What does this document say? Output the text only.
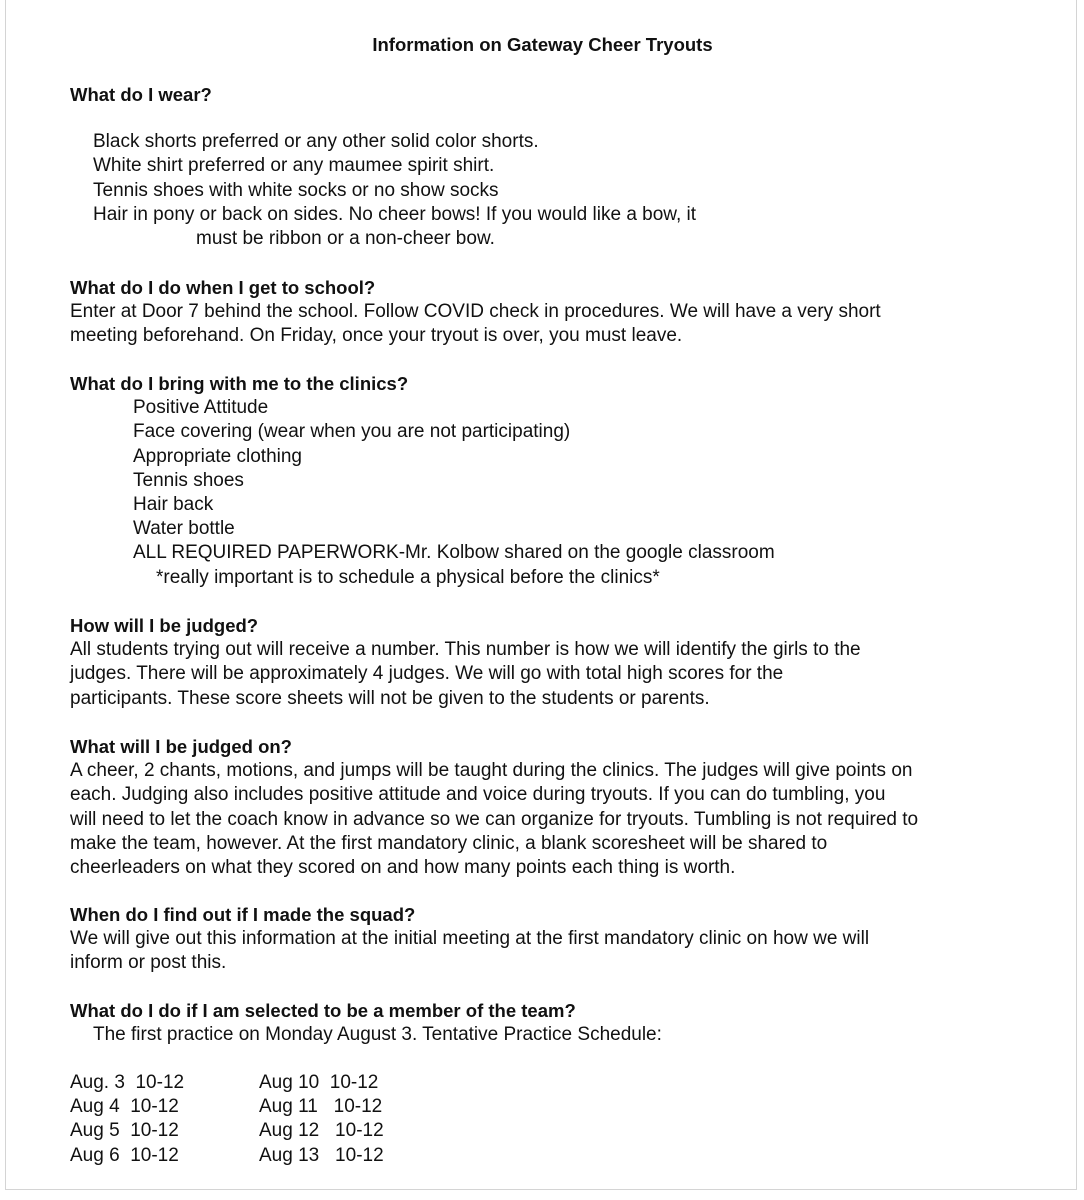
Information on Gateway Cheer Tryouts
What do I wear?
Black shorts preferred or any other solid color shorts.
White shirt preferred or any maumee spirit shirt.
Tennis shoes with white socks or no show socks
Hair in pony or back on sides. No cheer bows! If you would like a bow, it
must be ribbon or a non-cheer bow.
What do I do when I get to school?
Enter at Door 7 behind the school. Follow COVID check in procedures. We will have a very short
meeting beforehand. On Friday, once your tryout is over, you must leave.
What do I bring with me to the clinics?
Positive Attitude
Face covering (wear when you are not participating)
Appropriate clothing
Tennis shoes
Hair back
Water bottle
ALL REQUIRED PAPERWORK-Mr. Kolbow shared on the google classroom
*really important is to schedule a physical before the clinics*
How will I be judged?
All students trying out will receive a number. This number is how we will identify the girls to the
judges. There will be approximately 4 judges. We will go with total high scores for the
participants. These score sheets will not be given to the students or parents.
What will I be judged on?
A cheer, 2 chants, motions, and jumps will be taught during the clinics. The judges will give points on
each. Judging also includes positive attitude and voice during tryouts. If you can do tumbling, you
will need to let the coach know in advance so we can organize for tryouts. Tumbling is not required to
make the team, however. At the first mandatory clinic, a blank scoresheet will be shared to
cheerleaders on what they scored on and how many points each thing is worth.
When do I find out if I made the squad?
We will give out this information at the initial meeting at the first mandatory clinic on how we will
inform or post this.
What do I do if I am selected to be a member of the team?
The first practice on Monday August 3. Tentative Practice Schedule:
Aug. 3  10-12	Aug 10  10-12
Aug 4  10-12	Aug 11   10-12
Aug 5  10-12	Aug 12   10-12
Aug 6  10-12	Aug 13   10-12
